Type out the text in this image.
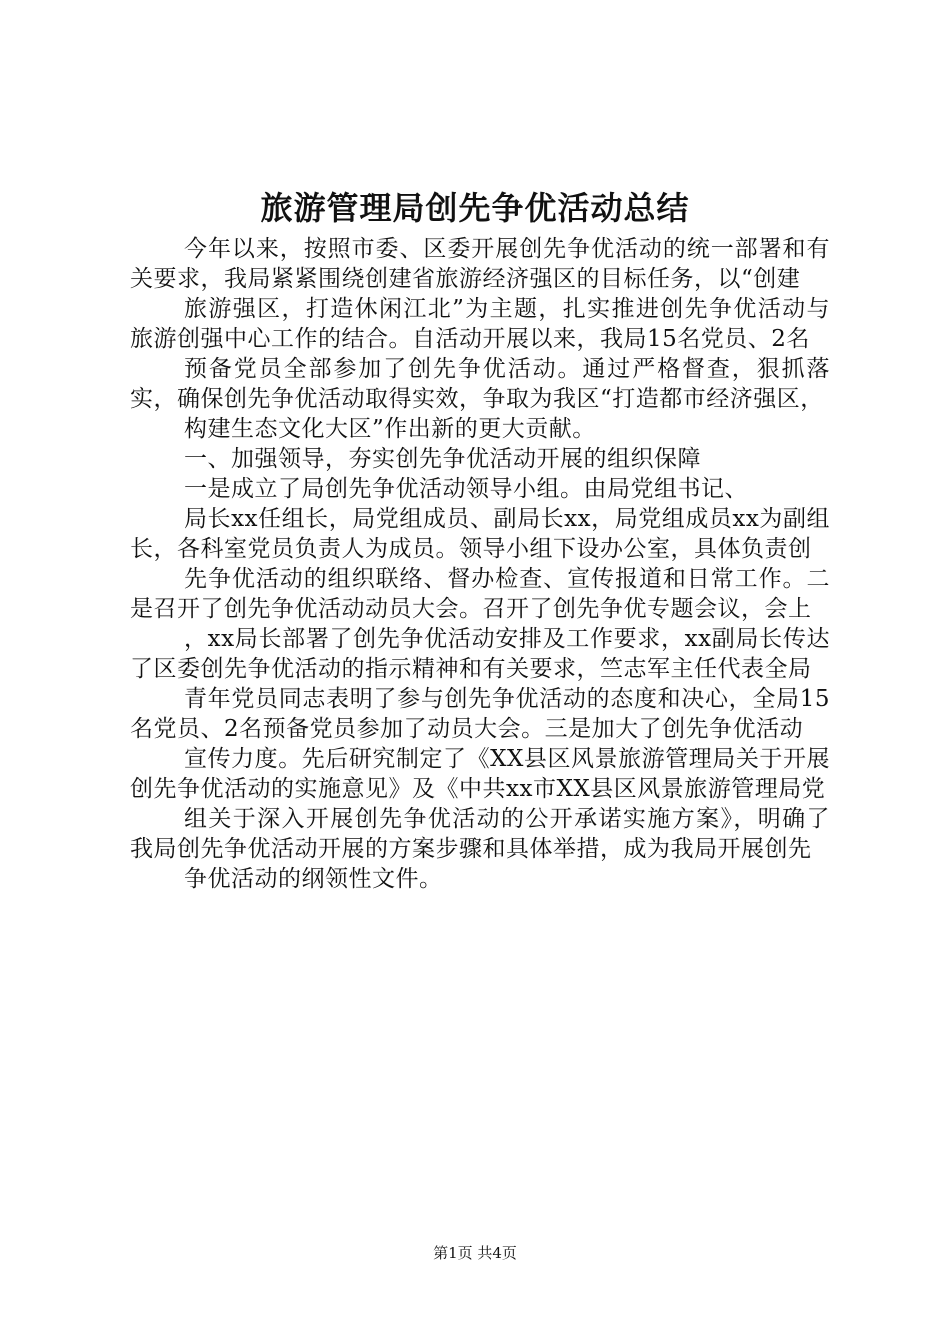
旅游管理局创先争优活动总结

今年以来，按照市委、区委开展创先争优活动的统一部署和有关要求，我局紧紧围绕创建省旅游经济强区的目标任务，以“创建

旅游强区，打造休闲江北”为主题，扎实推进创先争优活动与旅游创强中心工作的结合。自活动开展以来，我局15名党员、2名

预备党员全部参加了创先争优活动。通过严格督查，狠抓落实，确保创先争优活动取得实效，争取为我区“打造都市经济强区，

构建生态文化大区”作出新的更大贡献。

一、加强领导，夯实创先争优活动开展的组织保障

一是成立了局创先争优活动领导小组。由局党组书记、

局长xx任组长，局党组成员、副局长xx，局党组成员xx为副组长，各科室党员负责人为成员。领导小组下设办公室，具体负责创

先争优活动的组织联络、督办检查、宣传报道和日常工作。二是召开了创先争优活动动员大会。召开了创先争优专题会议，会上

，xx局长部署了创先争优活动安排及工作要求，xx副局长传达了区委创先争优活动的指示精神和有关要求，竺志军主任代表全局

青年党员同志表明了参与创先争优活动的态度和决心，全局15名党员、2名预备党员参加了动员大会。三是加大了创先争优活动

宣传力度。先后研究制定了《XX县区风景旅游管理局关于开展创先争优活动的实施意见》及《中共xx市XX县区风景旅游管理局党

组关于深入开展创先争优活动的公开承诺实施方案》，明确了我局创先争优活动开展的方案步骤和具体举措，成为我局开展创先

争优活动的纲领性文件。

第1页 共4页
